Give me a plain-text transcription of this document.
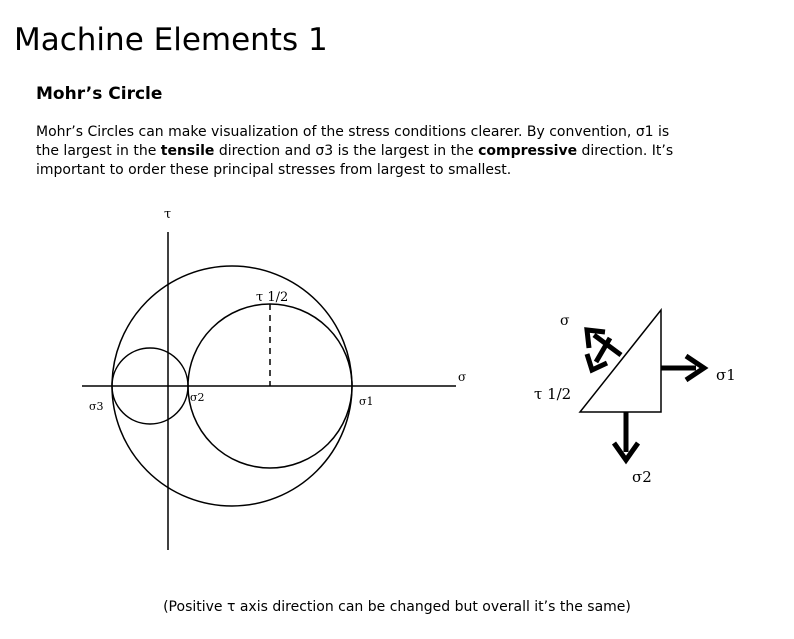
Machine Elements 1
Mohr’s Circle

Mohr’s Circles can make visualization of the stress conditions clearer. By convention, σ1 is
the largest in the tensile direction and σ3 is the largest in the compressive direction. It’s
important to order these principal stresses from largest to smallest.

τ
σ
τ 1/2
σ3
σ2	σ1
σ
τ 1/2
σ1
σ2

(Positive τ axis direction can be changed but overall it’s the same)
